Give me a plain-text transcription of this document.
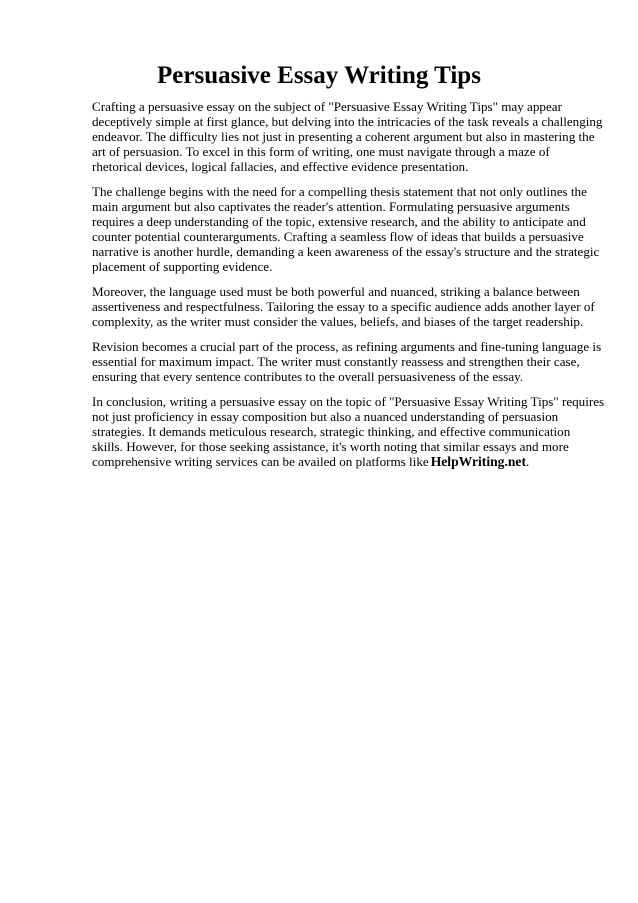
Persuasive Essay Writing Tips

Crafting a persuasive essay on the subject of "Persuasive Essay Writing Tips" may appear
deceptively simple at first glance, but delving into the intricacies of the task reveals a challenging
endeavor. The difficulty lies not just in presenting a coherent argument but also in mastering the
art of persuasion. To excel in this form of writing, one must navigate through a maze of
rhetorical devices, logical fallacies, and effective evidence presentation.

The challenge begins with the need for a compelling thesis statement that not only outlines the
main argument but also captivates the reader's attention. Formulating persuasive arguments
requires a deep understanding of the topic, extensive research, and the ability to anticipate and
counter potential counterarguments. Crafting a seamless flow of ideas that builds a persuasive
narrative is another hurdle, demanding a keen awareness of the essay's structure and the strategic
placement of supporting evidence.

Moreover, the language used must be both powerful and nuanced, striking a balance between
assertiveness and respectfulness. Tailoring the essay to a specific audience adds another layer of
complexity, as the writer must consider the values, beliefs, and biases of the target readership.

Revision becomes a crucial part of the process, as refining arguments and fine-tuning language is
essential for maximum impact. The writer must constantly reassess and strengthen their case,
ensuring that every sentence contributes to the overall persuasiveness of the essay.

In conclusion, writing a persuasive essay on the topic of "Persuasive Essay Writing Tips" requires
not just proficiency in essay composition but also a nuanced understanding of persuasion
strategies. It demands meticulous research, strategic thinking, and effective communication
skills. However, for those seeking assistance, it's worth noting that similar essays and more
comprehensive writing services can be availed on platforms like HelpWriting.net.
